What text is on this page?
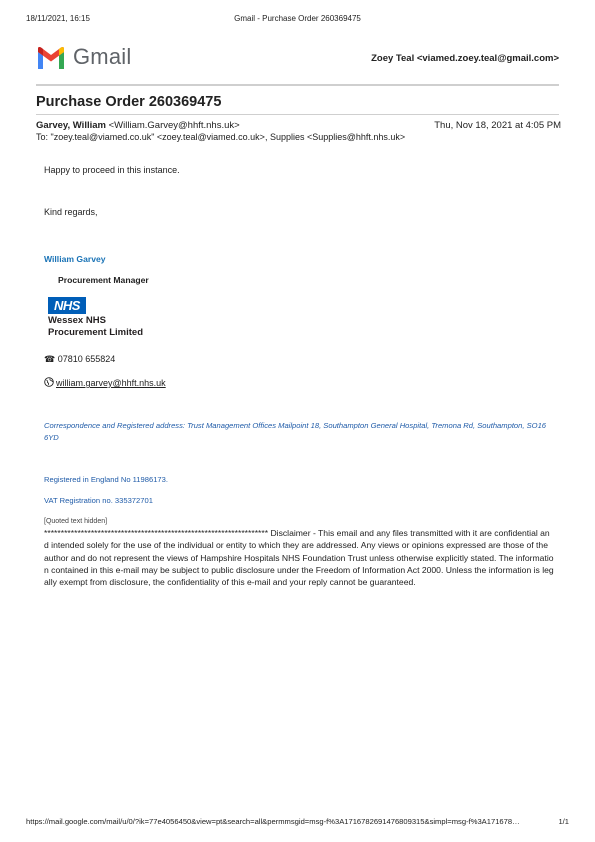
18/11/2021, 16:15	Gmail - Purchase Order 260369475
Gmail	Zoey Teal <viamed.zoey.teal@gmail.com>
Purchase Order 260369475
Garvey, William <William.Garvey@hhft.nhs.uk>	Thu, Nov 18, 2021 at 4:05 PM
To: "zoey.teal@viamed.co.uk" <zoey.teal@viamed.co.uk>, Supplies <Supplies@hhft.nhs.uk>
Happy to proceed in this instance.
Kind regards,
William Garvey
Procurement Manager
NHS
Wessex NHS
Procurement Limited
☎ 07810 655824
william.garvey@hhft.nhs.uk
Correspondence and Registered address: Trust Management Offices Mailpoint 18, Southampton General Hospital, Tremona Rd, Southampton, SO16 6YD
Registered in England No 11986173.
VAT Registration no. 335372701
[Quoted text hidden]
******************************************************************* Disclaimer - This email and any files transmitted with it are confidential and intended solely for the use of the individual or entity to which they are addressed. Any views or opinions expressed are those of the author and do not represent the views of Hampshire Hospitals NHS Foundation Trust unless otherwise explicitly stated. The information contained in this e-mail may be subject to public disclosure under the Freedom of Information Act 2000. Unless the information is legally exempt from disclosure, the confidentiality of this e-mail and your reply cannot be guaranteed.
https://mail.google.com/mail/u/0/?ik=77e4056450&view=pt&search=all&permmsgid=msg-f%3A1716782691476809315&simpl=msg-f%3A171678…	1/1
